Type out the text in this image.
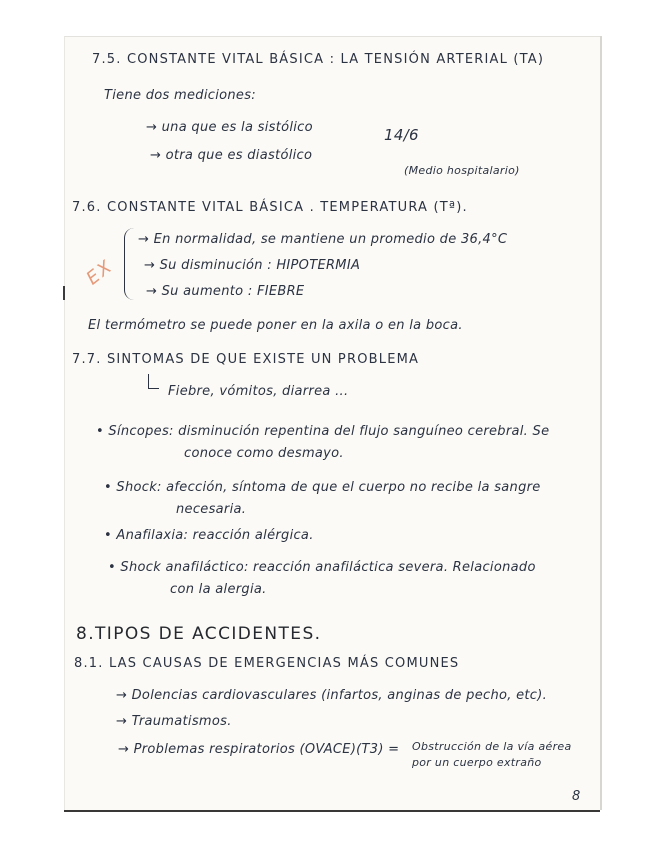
7.5. CONSTANTE VITAL BÁSICA : LA TENSIÓN ARTERIAL (TA)
Tiene dos mediciones:
→ una que es la sistólico	14/6
→ otra que es diastólico
(Medio hospitalario)
7.6. CONSTANTE VITAL BÁSICA . TEMPERATURA (Tª).
EX
→ En normalidad, se mantiene un promedio de 36,4°C
→ Su disminución : HIPOTERMIA
→ Su aumento : FIEBRE
El termómetro se puede poner en la axila o en la boca.
7.7. SINTOMAS DE QUE EXISTE UN PROBLEMA
Fiebre, vómitos, diarrea ...
• Síncopes: disminución repentina del flujo sanguíneo cerebral. Se
conoce como desmayo.
• Shock: afección, síntoma de que el cuerpo no recibe la sangre
necesaria.
• Anafilaxia: reacción alérgica.
• Shock anafiláctico: reacción anafiláctica severa. Relacionado
con la alergia.
8.TIPOS DE ACCIDENTES.
8.1. LAS CAUSAS DE EMERGENCIAS MÁS COMUNES
→ Dolencias cardiovasculares (infartos, anginas de pecho, etc).
→ Traumatismos.
→ Problemas respiratorios (OVACE)(T3) = Obstrucción de la vía aérea
por un cuerpo extraño
8
